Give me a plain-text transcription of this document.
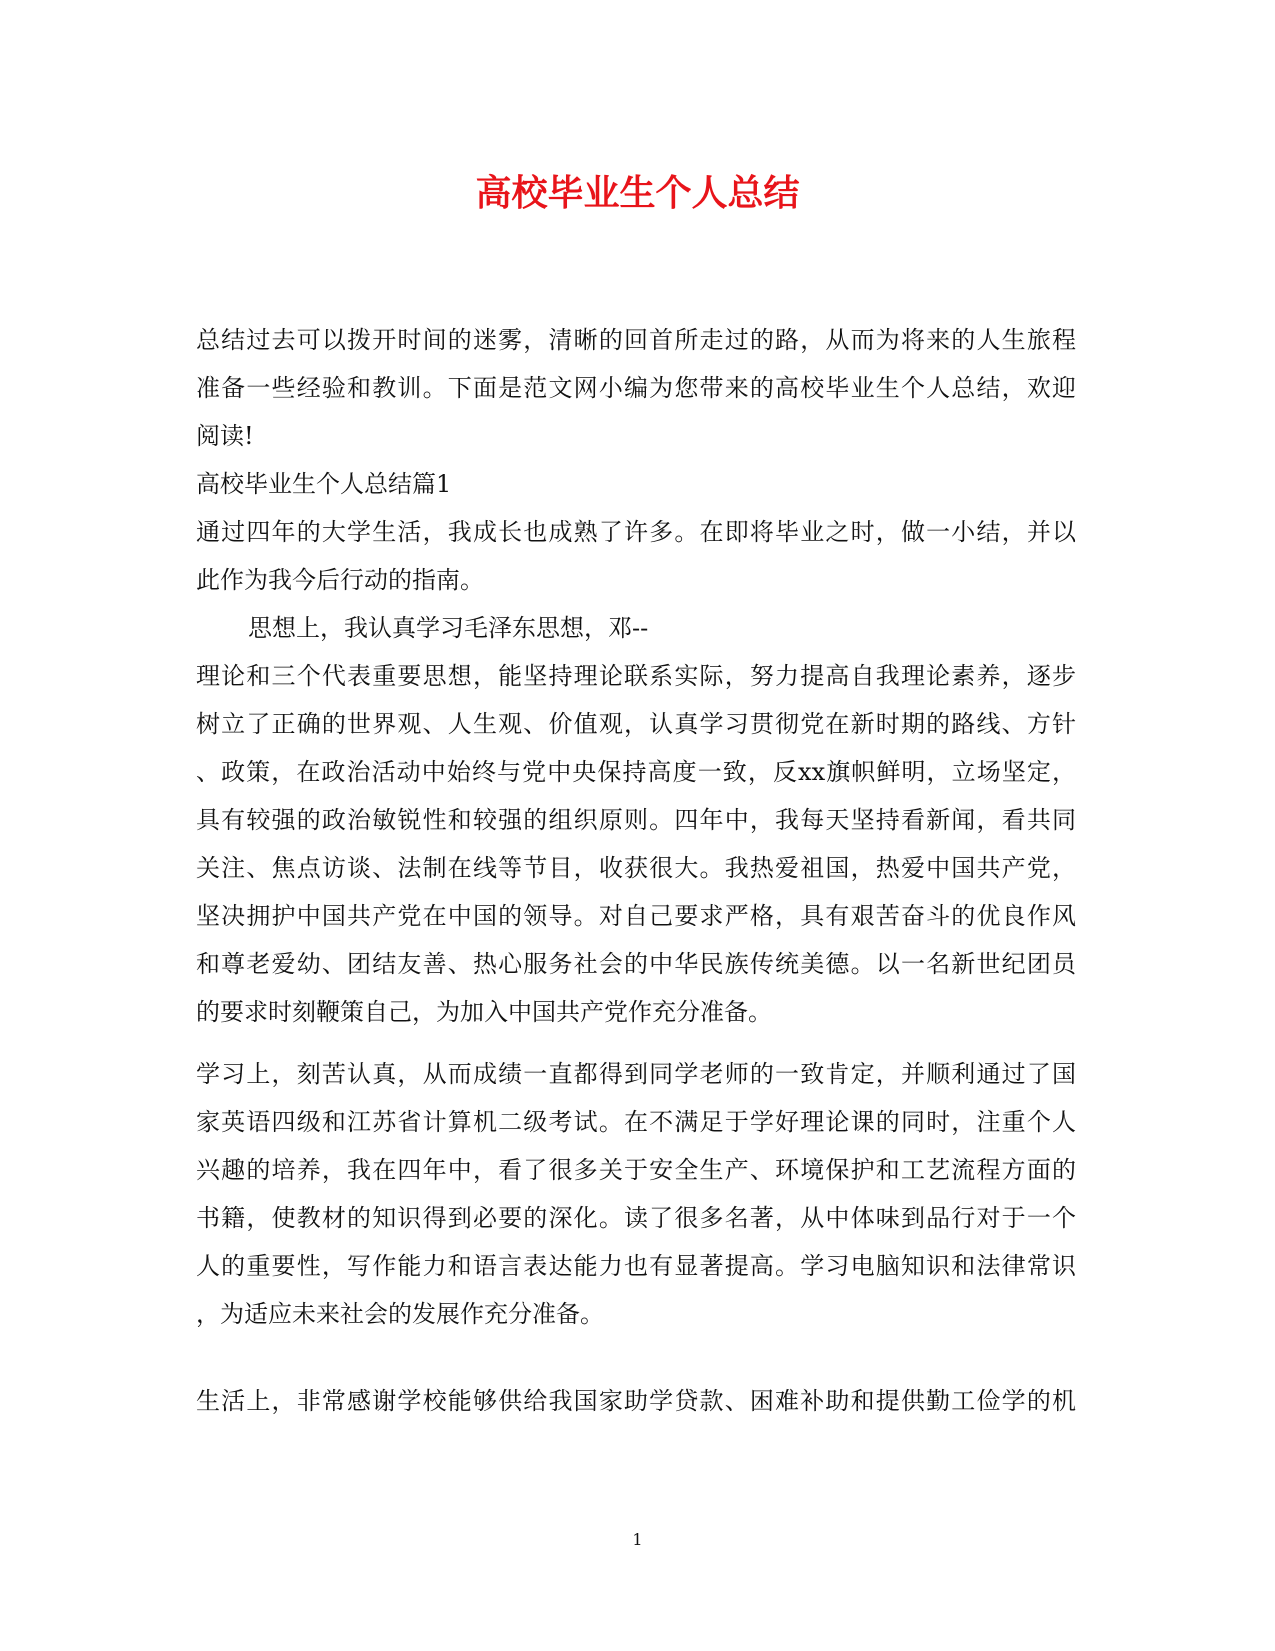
高校毕业生个人总结
总结过去可以拨开时间的迷雾，清晰的回首所走过的路，从而为将来的人生旅程
准备一些经验和教训。下面是范文网小编为您带来的高校毕业生个人总结，欢迎
阅读!
高校毕业生个人总结篇1
通过四年的大学生活，我成长也成熟了许多。在即将毕业之时，做一小结，并以
此作为我今后行动的指南。
思想上，我认真学习毛泽东思想，邓--
理论和三个代表重要思想，能坚持理论联系实际，努力提高自我理论素养，逐步
树立了正确的世界观、人生观、价值观，认真学习贯彻党在新时期的路线、方针
、政策，在政治活动中始终与党中央保持高度一致，反xx旗帜鲜明，立场坚定，
具有较强的政治敏锐性和较强的组织原则。四年中，我每天坚持看新闻，看共同
关注、焦点访谈、法制在线等节目，收获很大。我热爱祖国，热爱中国共产党，
坚决拥护中国共产党在中国的领导。对自己要求严格，具有艰苦奋斗的优良作风
和尊老爱幼、团结友善、热心服务社会的中华民族传统美德。以一名新世纪团员
的要求时刻鞭策自己，为加入中国共产党作充分准备。
学习上，刻苦认真，从而成绩一直都得到同学老师的一致肯定，并顺利通过了国
家英语四级和江苏省计算机二级考试。在不满足于学好理论课的同时，注重个人
兴趣的培养，我在四年中，看了很多关于安全生产、环境保护和工艺流程方面的
书籍，使教材的知识得到必要的深化。读了很多名著，从中体味到品行对于一个
人的重要性，写作能力和语言表达能力也有显著提高。学习电脑知识和法律常识
，为适应未来社会的发展作充分准备。
生活上，非常感谢学校能够供给我国家助学贷款、困难补助和提供勤工俭学的机
1
